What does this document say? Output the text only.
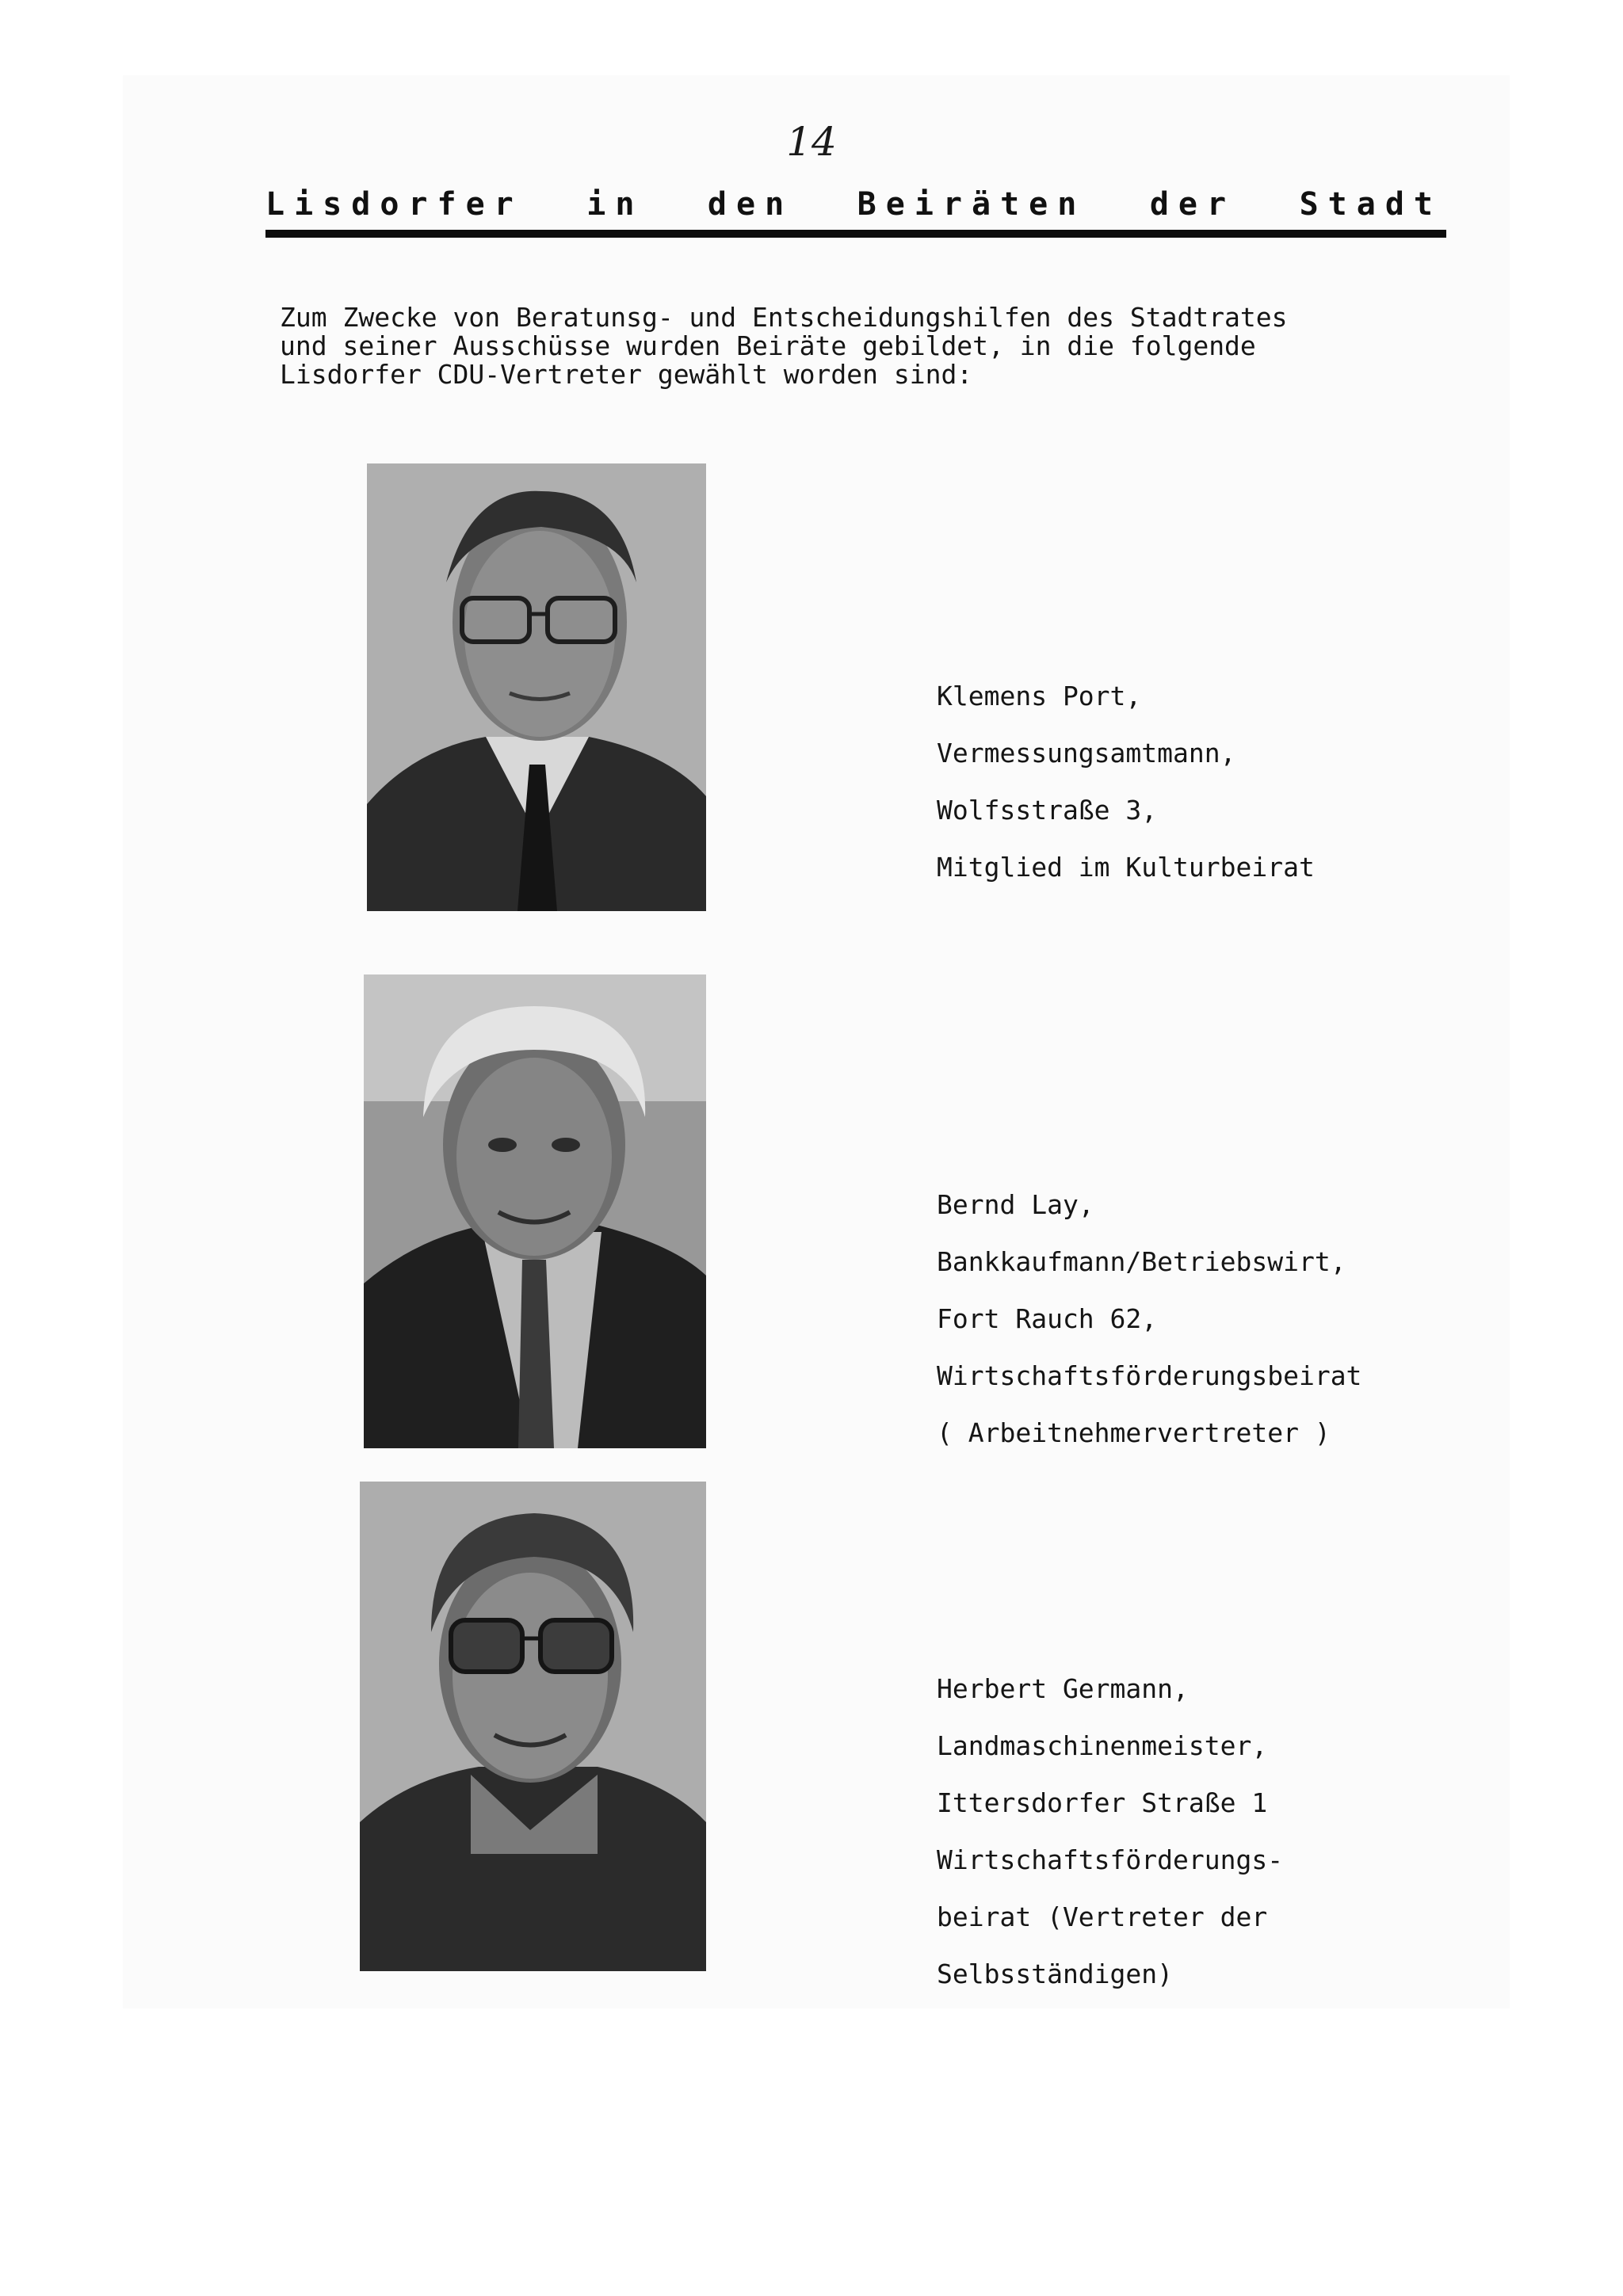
14
Lisdorfer in den Beiräten der Stadt
Zum Zwecke von Beratunsg- und Entscheidungshilfen des Stadtrates
und seiner Ausschüsse wurden Beiräte gebildet, in die folgende
Lisdorfer CDU-Vertreter gewählt worden sind:

Klemens Port,

Vermessungsamtmann,

Wolfsstraße 3,

Mitglied im Kulturbeirat

Bernd Lay,

Bankkaufmann/Betriebswirt,

Fort Rauch 62,

Wirtschaftsförderungsbeirat

( Arbeitnehmervertreter )

Herbert Germann,

Landmaschinenmeister,

Ittersdorfer Straße 1

Wirtschaftsförderungs-

beirat (Vertreter der

Selbsständigen)
